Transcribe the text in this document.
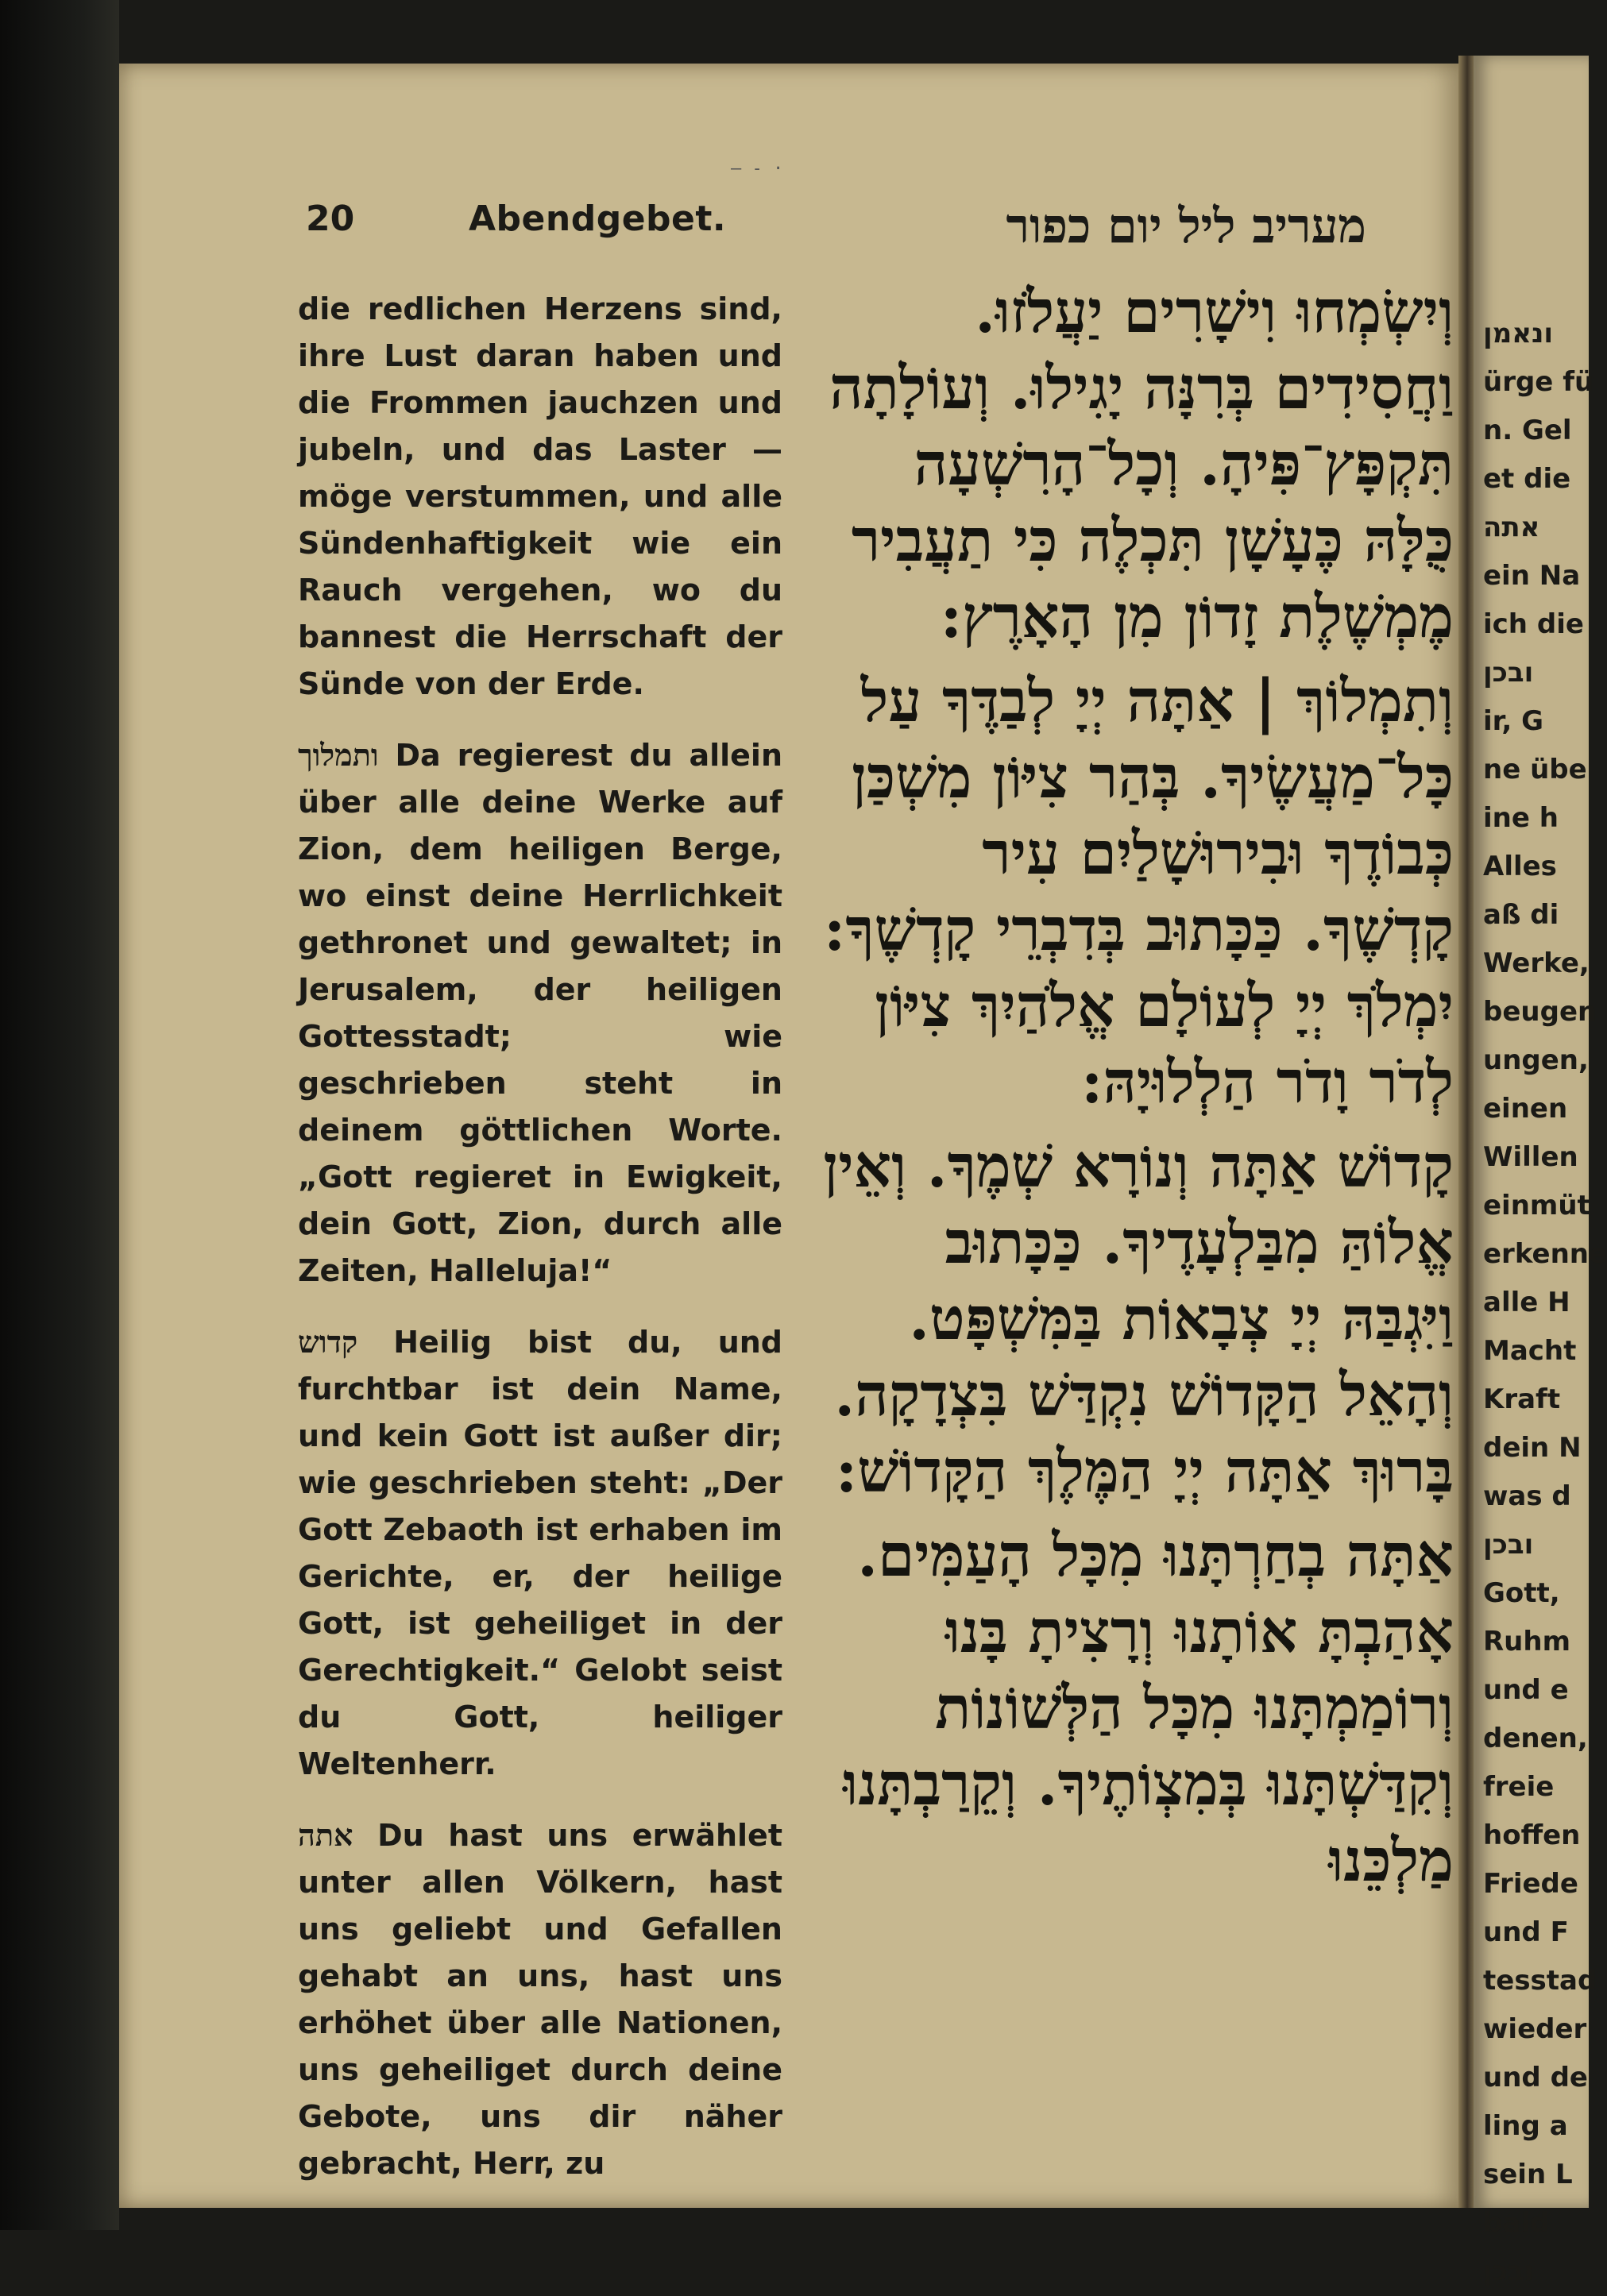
20	Abendgebet.	מעריב ליל יום כפור

die redlichen Herzens sind, ihre Lust daran haben und die Frommen jauchzen und jubeln, und das Laster — möge verstummen, und alle Sündenhaftigkeit wie ein Rauch vergehen, wo du bannest die Herrschaft der Sünde von der Erde.

ותמלוך Da regierest du allein über alle deine Werke auf Zion, dem heiligen Berge, wo einst deine Herrlichkeit gethronet und gewaltet; in Jerusalem, der heiligen Gottesstadt; wie geschrieben steht in deinem göttlichen Worte. „Gott regieret in Ewigkeit, dein Gott, Zion, durch alle Zeiten, Halleluja!“

קדוש Heilig bist du, und furchtbar ist dein Name, und kein Gott ist außer dir; wie geschrieben steht: „Der Gott Zebaoth ist erhaben im Gerichte, er, der heilige Gott, ist geheiliget in der Gerechtigkeit.“ Gelobt seist du Gott, heiliger Weltenherr.

אתה Du hast uns erwählet unter allen Völkern, hast uns geliebt und Gefallen gehabt an uns, hast uns erhöhet über alle Nationen, uns geheiliget durch deine Gebote, uns dir näher gebracht, Herr, zu

וְיִשְׂמְחוּ וִישָׁרִים יַעֲלֹזוּ. וַחֲסִידִים בְּרִנָּה יָגִילוּ. וְעוֹלָתָה תִּקְפָּץ־פִּיהָ. וְכָל־הָרִשְׁעָה כֻּלָּהּ כֶּעָשָׁן תִּכְלֶה כִּי תַעֲבִיר מֶמְשֶׁלֶת זָדוֹן מִן הָאָרֶץ:

וְתִמְלוֹךְ | אַתָּה יְיָ לְבַדֶּךָ עַל כָּל־מַעֲשֶׂיךָ. בְּהַר צִיּוֹן מִשְׁכַּן כְּבוֹדֶךָ וּבִירוּשָׁלַיִם עִיר קָדְשֶׁךָ. כַּכָּתוּב בְּדִבְרֵי קָדְשֶׁךָ: יִמְלֹךְ יְיָ לְעוֹלָם אֱלֹהַיִךְ צִיּוֹן לְדֹר וָדֹר הַלְלוּיָהּ:

קָדוֹשׁ אַתָּה וְנוֹרָא שְׁמֶךָ. וְאֵין אֱלוֹהַּ מִבַּלְעָדֶיךָ. כַּכָּתוּב וַיִּגְבַּהּ יְיָ צְבָאוֹת בַּמִּשְׁפָּט. וְהָאֵל הַקָּדוֹשׁ נִקְדַּשׁ בִּצְדָקָה. בָּרוּךְ אַתָּה יְיָ הַמֶּלֶךְ הַקָּדוֹשׁ:

אַתָּה בְחַרְתָּנוּ מִכָּל הָעַמִּים. אָהַבְתָּ אוֹתָנוּ וְרָצִיתָ בָּנוּ וְרוֹמַמְתָּנוּ מִכָּל הַלְּשׁוֹנוֹת וְקִדַּשְׁתָּנוּ בְּמִצְוֹתֶיךָ. וְקֵרַבְתָּנוּ מַלְכֵּנוּ

ונאמן
ürge fü
n. Gel
et die
אתה
ein Na
ich die
ובכן
ir, G
ne übe
ine h
Alles
aß di
Werke,
beugen
ungen,
einen
Willen
einmüt
erkenne
alle H
Macht
Kraft
dein N
was d
ובכן
Gott,
Ruhm
und e
denen,
freie
hoffen
Friede
und F
tesstad
wieder
und de
ling a
sein L
bald
ובכן
